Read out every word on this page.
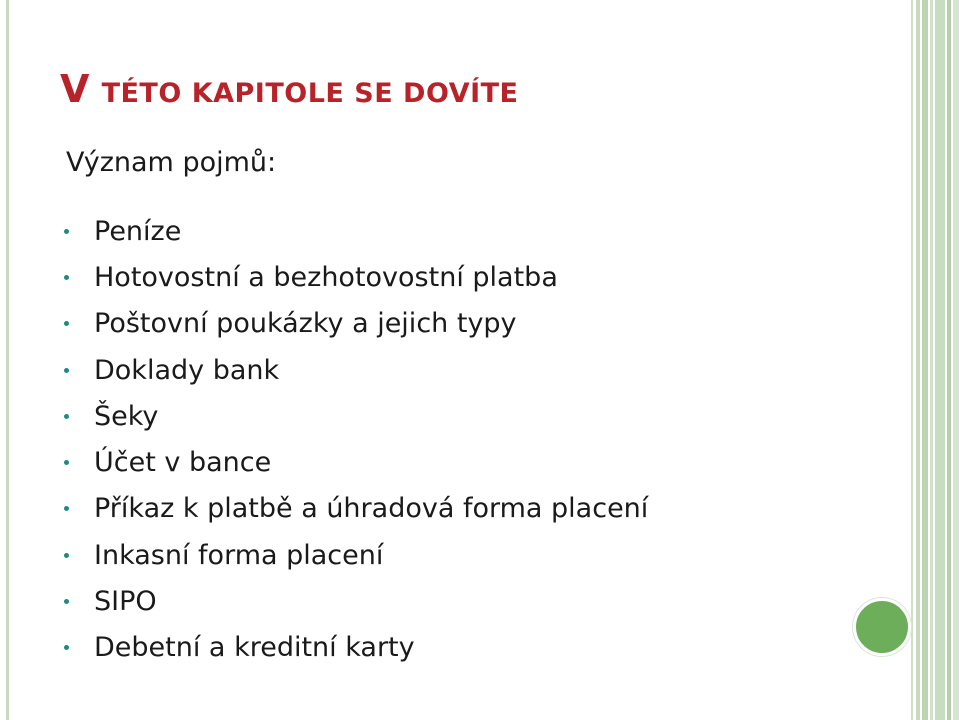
V TÉTO KAPITOLE SE DOVÍTE

Význam pojmů:

Peníze
Hotovostní a bezhotovostní platba
Poštovní poukázky a jejich typy
Doklady bank
Šeky
Účet v bance
Příkaz k platbě a úhradová forma placení
Inkasní forma placení
SIPO
Debetní a kreditní karty
